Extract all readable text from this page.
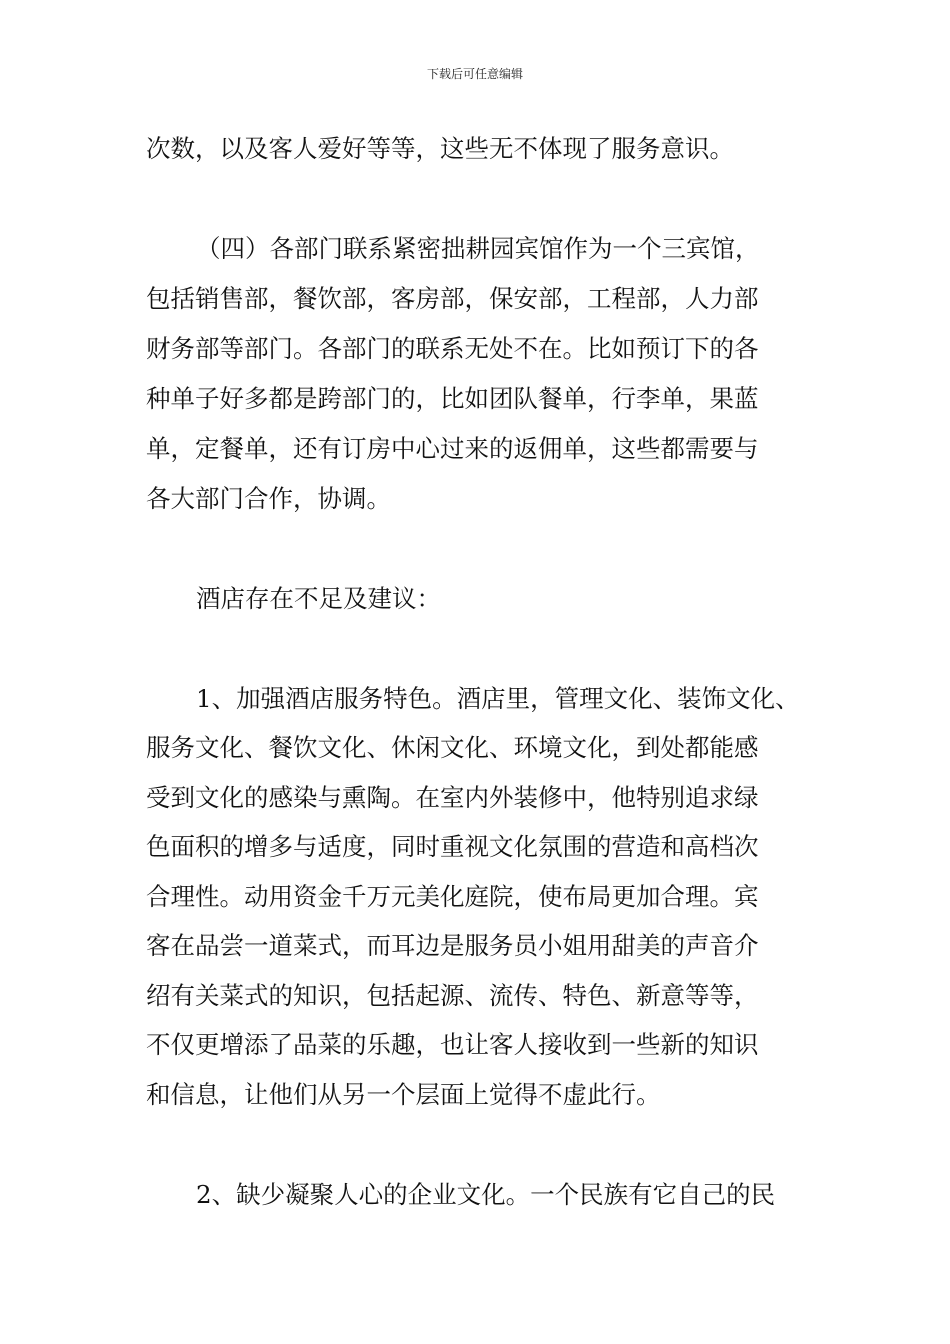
下载后可任意编辑
次数，以及客人爱好等等，这些无不体现了服务意识。
（四）各部门联系紧密拙耕园宾馆作为一个三宾馆，
包括销售部，餐饮部，客房部，保安部，工程部，人力部
财务部等部门。各部门的联系无处不在。比如预订下的各
种单子好多都是跨部门的，比如团队餐单，行李单，果蓝
单，定餐单，还有订房中心过来的返佣单，这些都需要与
各大部门合作，协调。
酒店存在不足及建议：
1、加强酒店服务特色。酒店里，管理文化、装饰文化、
服务文化、餐饮文化、休闲文化、环境文化，到处都能感
受到文化的感染与熏陶。在室内外装修中，他特别追求绿
色面积的增多与适度，同时重视文化氛围的营造和高档次
合理性。动用资金千万元美化庭院，使布局更加合理。宾
客在品尝一道菜式，而耳边是服务员小姐用甜美的声音介
绍有关菜式的知识，包括起源、流传、特色、新意等等，
不仅更增添了品菜的乐趣，也让客人接收到一些新的知识
和信息，让他们从另一个层面上觉得不虚此行。
2、缺少凝聚人心的企业文化。一个民族有它自己的民
